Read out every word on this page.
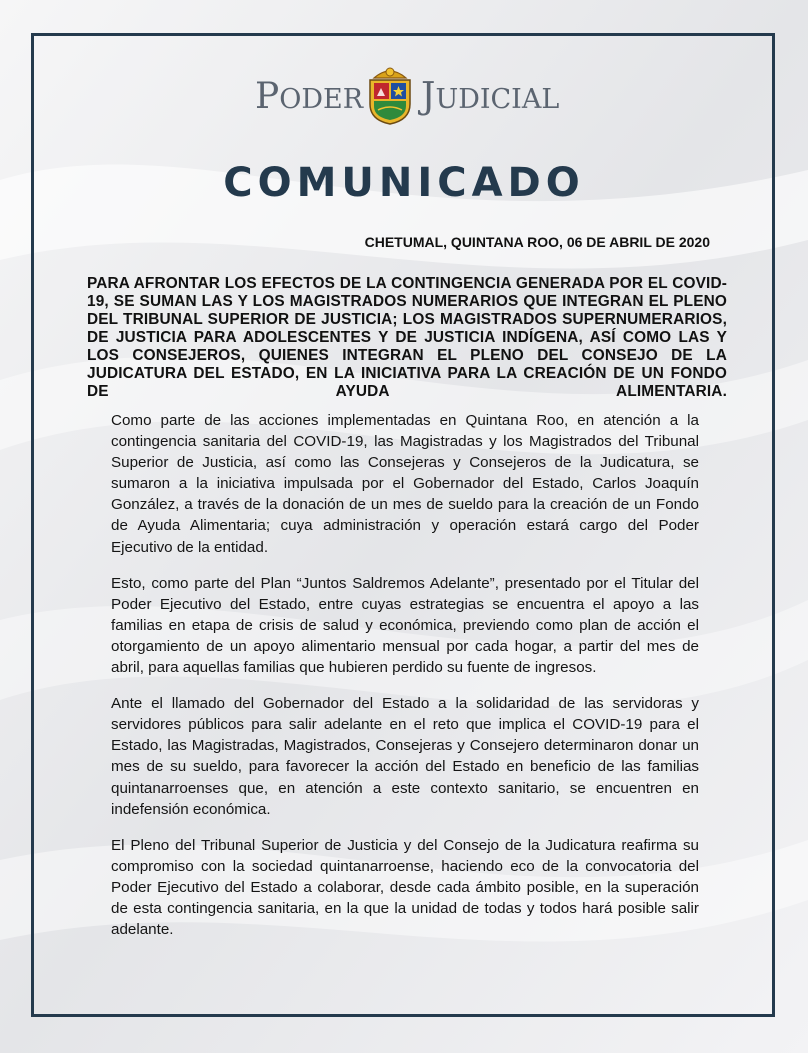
PODER JUDICIAL
COMUNICADO
CHETUMAL, QUINTANA ROO, 06 DE ABRIL DE 2020
PARA AFRONTAR LOS EFECTOS DE LA CONTINGENCIA GENERADA POR EL COVID-19, SE SUMAN LAS Y LOS MAGISTRADOS NUMERARIOS QUE INTEGRAN EL PLENO DEL TRIBUNAL SUPERIOR DE JUSTICIA; LOS MAGISTRADOS SUPERNUMERARIOS, DE JUSTICIA PARA ADOLESCENTES Y DE JUSTICIA INDÍGENA, ASÍ COMO LAS Y LOS CONSEJEROS, QUIENES INTEGRAN EL PLENO DEL CONSEJO DE LA JUDICATURA DEL ESTADO, EN LA INICIATIVA PARA LA CREACIÓN DE UN FONDO DE AYUDA ALIMENTARIA.

Como parte de las acciones implementadas en Quintana Roo, en atención a la contingencia sanitaria del COVID-19, las Magistradas y los Magistrados del Tribunal Superior de Justicia, así como las Consejeras y Consejeros de la Judicatura, se sumaron a la iniciativa impulsada por el Gobernador del Estado, Carlos Joaquín González, a través de la donación de un mes de sueldo para la creación de un Fondo de Ayuda Alimentaria; cuya administración y operación estará cargo del Poder Ejecutivo de la entidad.

Esto, como parte del Plan “Juntos Saldremos Adelante”, presentado por el Titular del Poder Ejecutivo del Estado, entre cuyas estrategias se encuentra el apoyo a las familias en etapa de crisis de salud y económica, previendo como plan de acción el otorgamiento de un apoyo alimentario mensual por cada hogar, a partir del mes de abril, para aquellas familias que hubieren perdido su fuente de ingresos.

Ante el llamado del Gobernador del Estado a la solidaridad de las servidoras y servidores públicos para salir adelante en el reto que implica el COVID-19 para el Estado, las Magistradas, Magistrados, Consejeras y Consejero determinaron donar un mes de su sueldo, para favorecer la acción del Estado en beneficio de las familias quintanarroenses que, en atención a este contexto sanitario, se encuentren en indefensión económica.

El Pleno del Tribunal Superior de Justicia y del Consejo de la Judicatura reafirma su compromiso con la sociedad quintanarroense, haciendo eco de la convocatoria del Poder Ejecutivo del Estado a colaborar, desde cada ámbito posible, en la superación de esta contingencia sanitaria, en la que la unidad de todas y todos hará posible salir adelante.
